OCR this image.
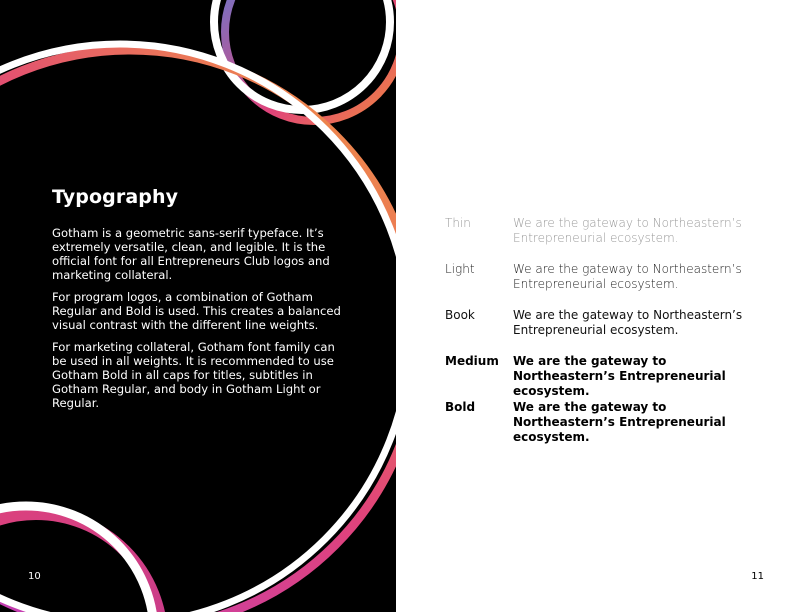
Typography

Gotham is a geometric sans-serif typeface. It’s extremely versatile, clean, and legible. It is the official font for all Entrepreneurs Club logos and marketing collateral.

For program logos, a combination of Gotham Regular and Bold is used. This creates a balanced visual contrast with the different line weights.

For marketing collateral, Gotham font family can be used in all weights. It is recommended to use Gotham Bold in all caps for titles, subtitles in Gotham Regular, and body in Gotham Light or Regular.

10
Thin	We are the gateway to Northeastern’s Entrepreneurial ecosystem.
Light	We are the gateway to Northeastern’s Entrepreneurial ecosystem.
Book	We are the gateway to Northeastern’s Entrepreneurial ecosystem.
Medium We are the gateway to Northeastern’s Entrepreneurial ecosystem.
Bold	We are the gateway to Northeastern’s Entrepreneurial ecosystem.
11
